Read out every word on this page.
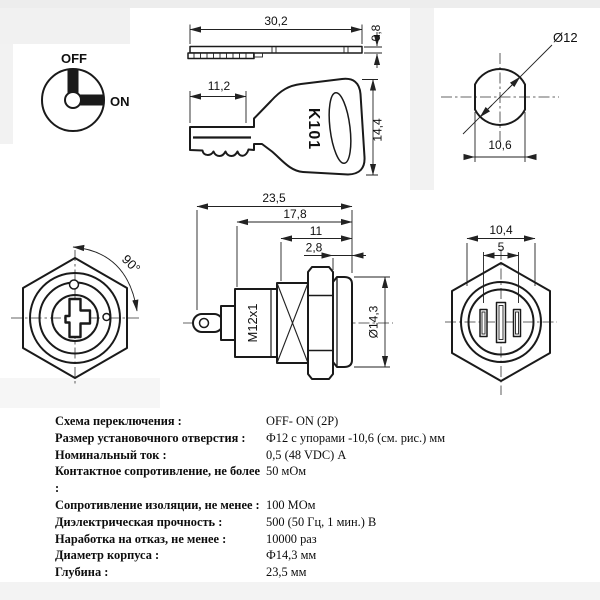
OFF
ON
30,2
0,8
K101
11,2
14,4
Ø12
10,6
90°
M12x1
23,5
17,8
11
2,8
Ø14,3
10,4
5
Схема переключения :	OFF- ON (2P)
Размер установочного отверстия :	Ф12 с упорами -10,6 (см. рис.) мм
Номинальный ток :	0,5 (48 VDC) А
Контактное сопротивление, не более :
50 мОм
Сопротивление изоляции, не менее : 100 МОм
Диэлектрическая прочность :	500 (50 Гц, 1 мин.) В
Наработка на отказ, не менее :	10000 раз
Диаметр корпуса :	Ф14,3 мм
Глубина :	23,5 мм
